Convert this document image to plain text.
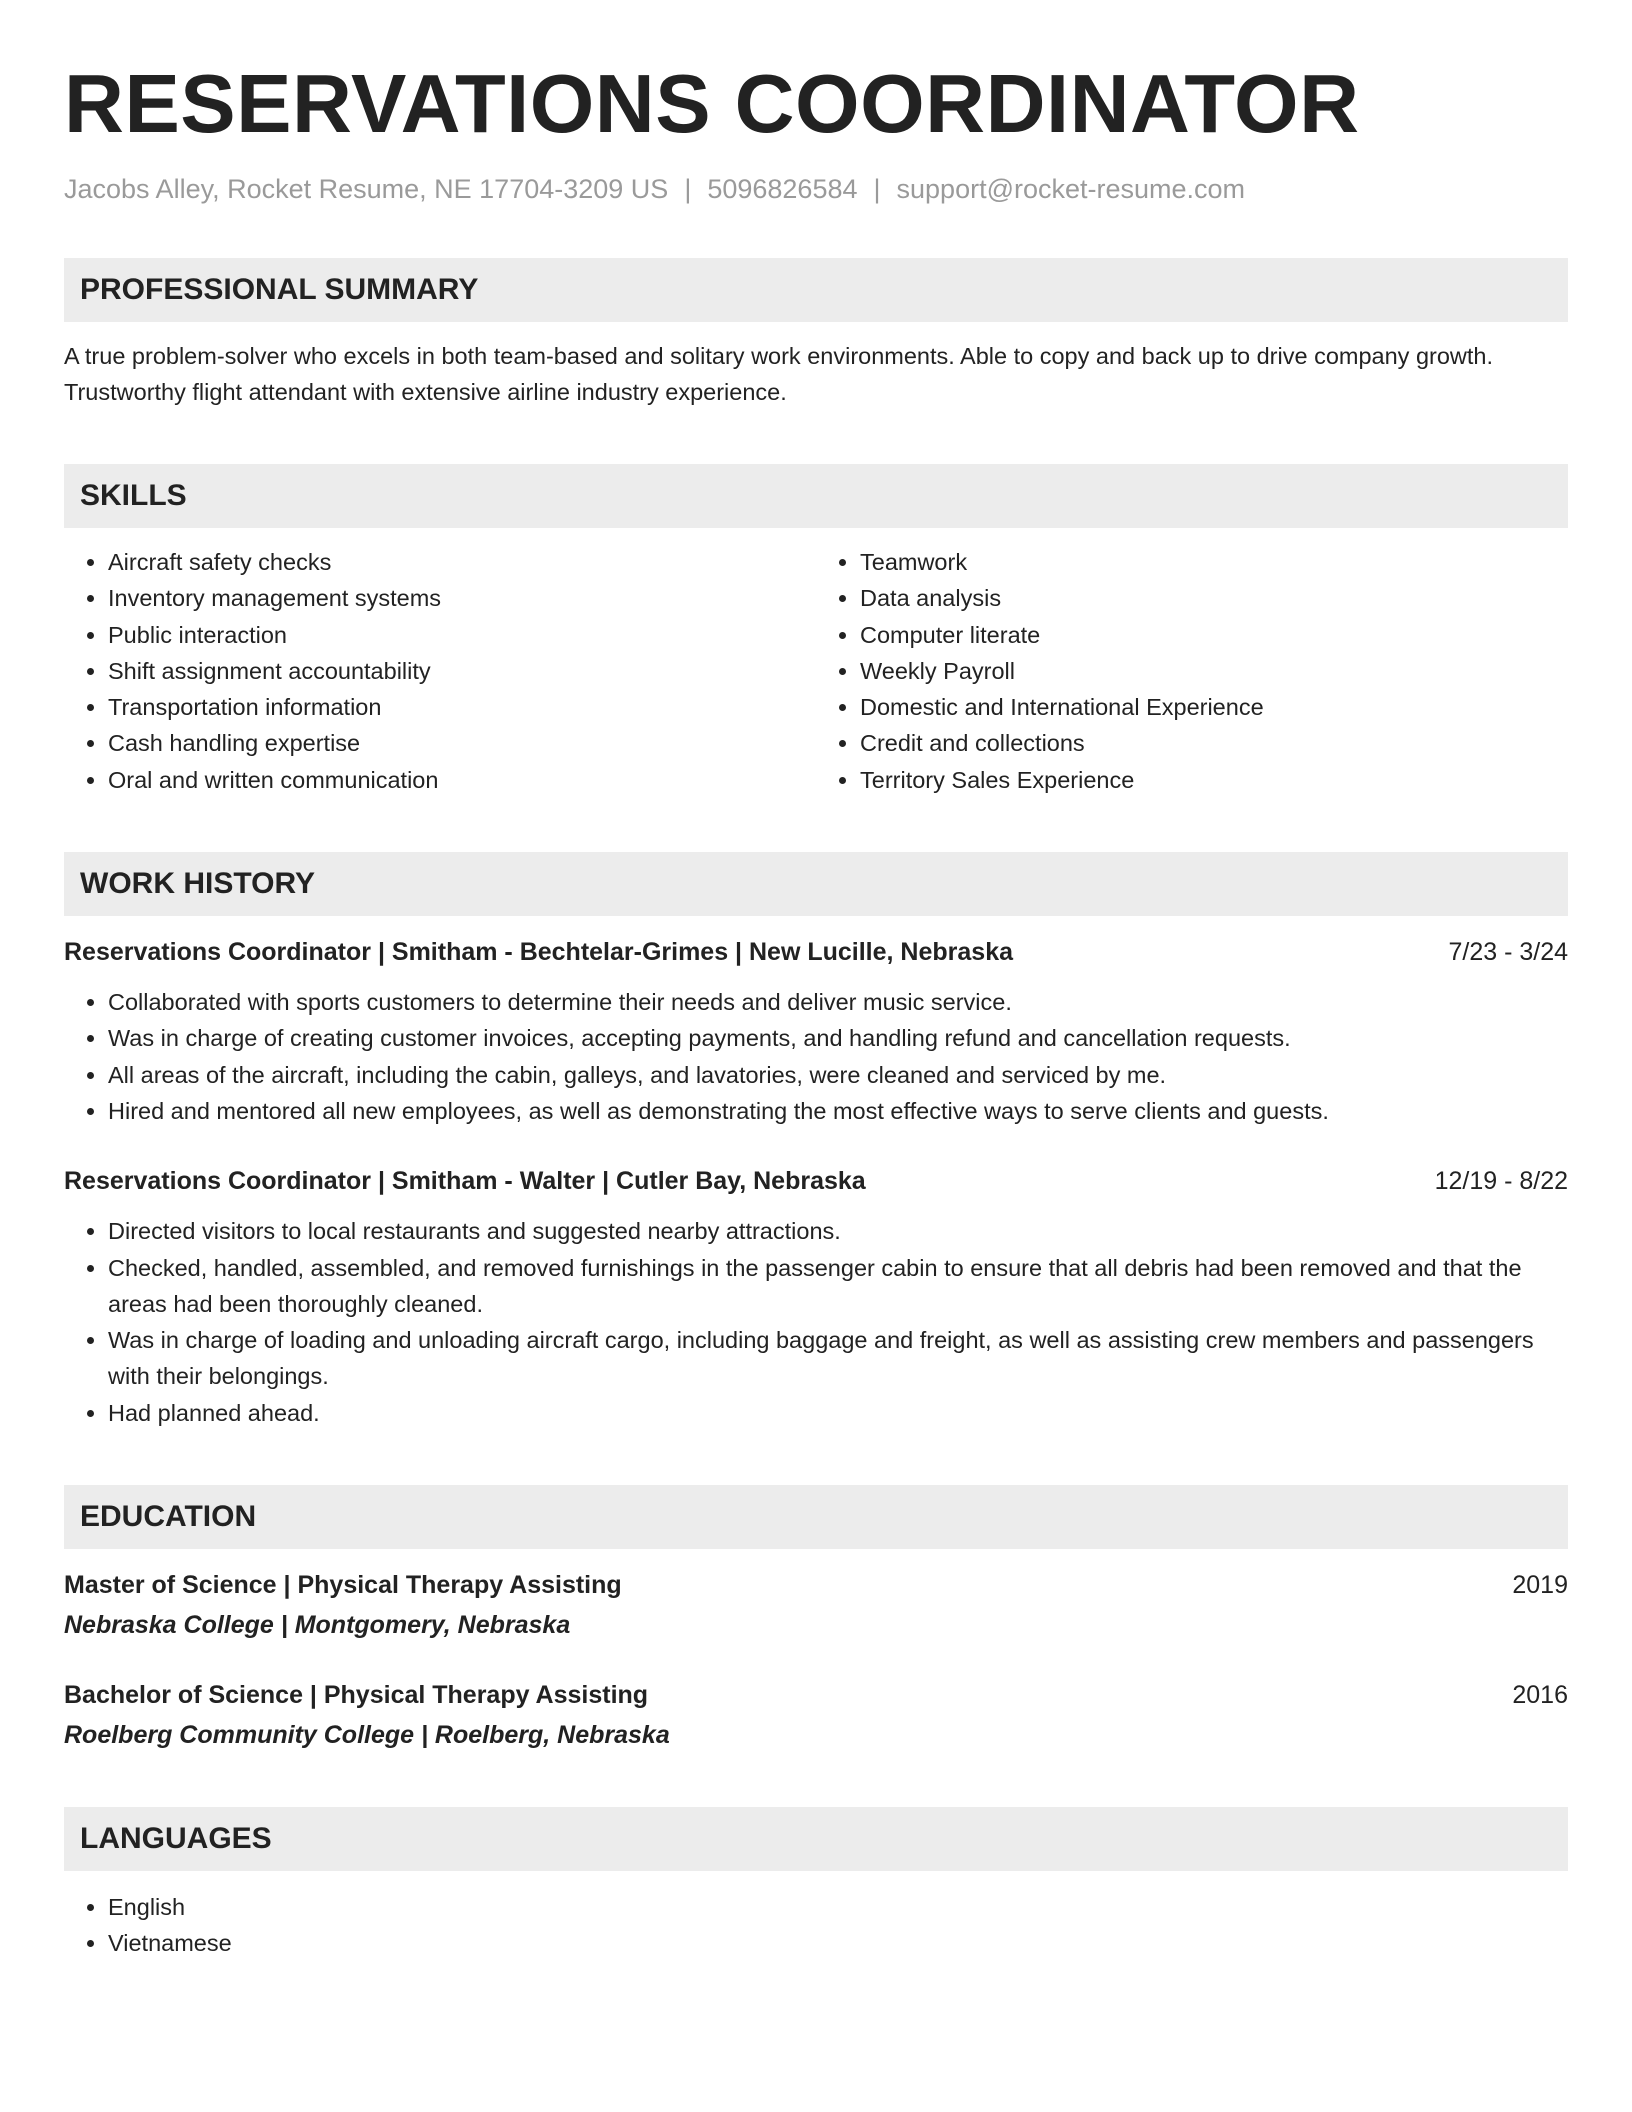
RESERVATIONS COORDINATOR
Jacobs Alley, Rocket Resume, NE 17704-3209 US | 5096826584 | support@rocket-resume.com
PROFESSIONAL SUMMARY
A true problem-solver who excels in both team-based and solitary work environments. Able to copy and back up to drive company growth. Trustworthy flight attendant with extensive airline industry experience.
SKILLS
• Aircraft safety checks
• Inventory management systems
• Public interaction
• Shift assignment accountability
• Transportation information
• Cash handling expertise
• Oral and written communication
• Teamwork
• Data analysis
• Computer literate
• Weekly Payroll
• Domestic and International Experience
• Credit and collections
• Territory Sales Experience
WORK HISTORY
Reservations Coordinator | Smitham - Bechtelar-Grimes | New Lucille, Nebraska	7/23 - 3/24
• Collaborated with sports customers to determine their needs and deliver music service.
• Was in charge of creating customer invoices, accepting payments, and handling refund and cancellation requests.
• All areas of the aircraft, including the cabin, galleys, and lavatories, were cleaned and serviced by me.
• Hired and mentored all new employees, as well as demonstrating the most effective ways to serve clients and guests.
Reservations Coordinator | Smitham - Walter | Cutler Bay, Nebraska	12/19 - 8/22
• Directed visitors to local restaurants and suggested nearby attractions.
• Checked, handled, assembled, and removed furnishings in the passenger cabin to ensure that all debris had been removed and that the areas had been thoroughly cleaned.
• Was in charge of loading and unloading aircraft cargo, including baggage and freight, as well as assisting crew members and passengers with their belongings.
• Had planned ahead.
EDUCATION
Master of Science | Physical Therapy Assisting	2019
Nebraska College | Montgomery, Nebraska
Bachelor of Science | Physical Therapy Assisting	2016
Roelberg Community College | Roelberg, Nebraska
LANGUAGES
• English
• Vietnamese
